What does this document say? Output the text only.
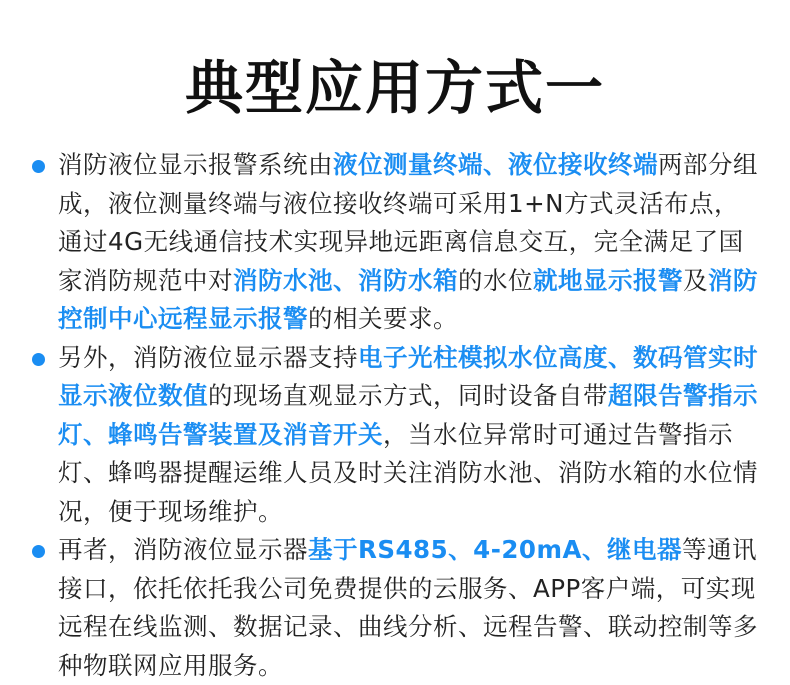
典型应用方式一
消防液位显示报警系统由液位测量终端、液位接收终端两部分组成，液位测量终端与液位接收终端可采用1+N方式灵活布点，通过4G无线通信技术实现异地远距离信息交互，完全满足了国家消防规范中对消防水池、消防水箱的水位就地显示报警及消防控制中心远程显示报警的相关要求。
另外，消防液位显示器支持电子光柱模拟水位高度、数码管实时显示液位数值的现场直观显示方式，同时设备自带超限告警指示灯、蜂鸣告警装置及消音开关，当水位异常时可通过告警指示灯、蜂鸣器提醒运维人员及时关注消防水池、消防水箱的水位情况，便于现场维护。
再者，消防液位显示器基于RS485、4-20mA、继电器等通讯接口，依托依托我公司免费提供的云服务、APP客户端，可实现远程在线监测、数据记录、曲线分析、远程告警、联动控制等多种物联网应用服务。
